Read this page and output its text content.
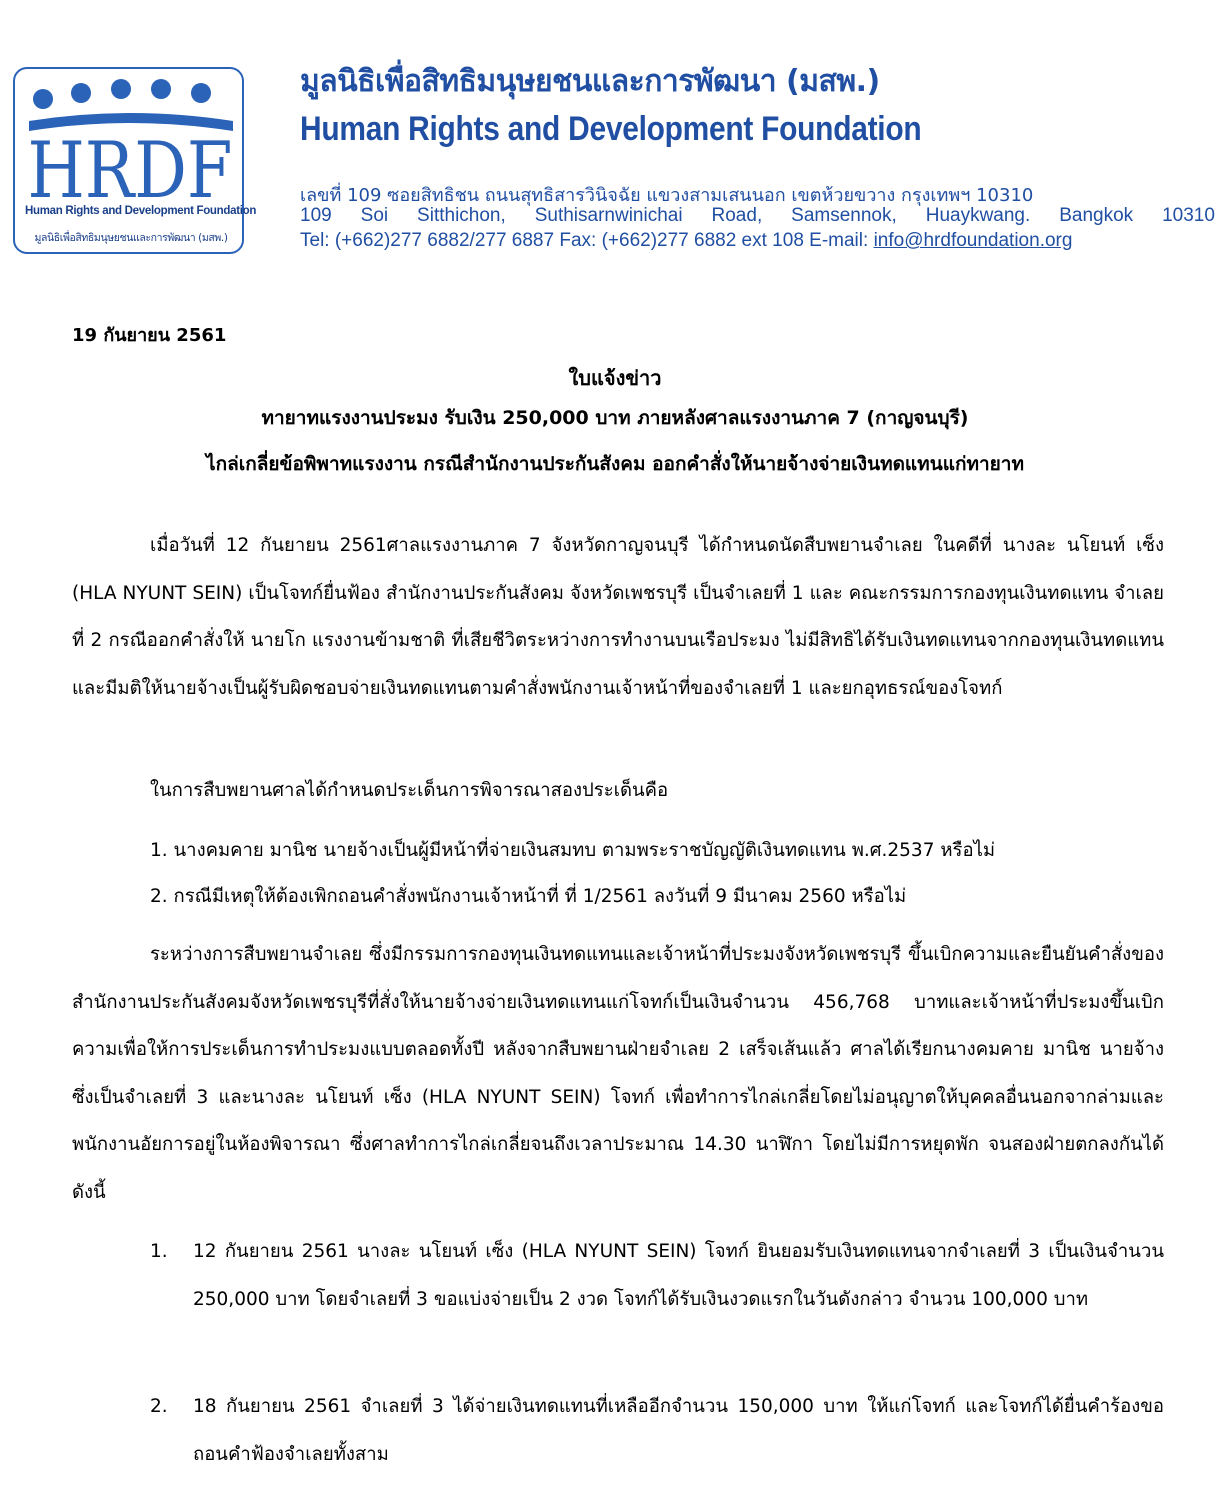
HRDF
Human Rights and Development Foundation
มูลนิธิเพื่อสิทธิมนุษยชนและการพัฒนา (มสพ.)
มูลนิธิเพื่อสิทธิมนุษยชนและการพัฒนา (มสพ.)
Human Rights and Development Foundation
เลขที่ 109 ซอยสิทธิชน ถนนสุทธิสารวินิจฉัย แขวงสามเสนนอก เขตห้วยขวาง กรุงเทพฯ 10310
109 Soi Sitthichon, Suthisarnwinichai Road, Samsennok, Huaykwang. Bangkok 10310
Tel: (+662)277 6882/277 6887 Fax: (+662)277 6882 ext 108 E-mail: info@hrdfoundation.org
19 กันยายน 2561
ใบแจ้งข่าว
ทายาทแรงงานประมง รับเงิน 250,000 บาท ภายหลังศาลแรงงานภาค 7 (กาญจนบุรี)
ไกล่เกลี่ยข้อพิพาทแรงงาน กรณีสำนักงานประกันสังคม ออกคำสั่งให้นายจ้างจ่ายเงินทดแทนแก่ทายาท
เมื่อวันที่ 12 กันยายน 2561ศาลแรงงานภาค 7 จังหวัดกาญจนบุรี ได้กำหนดนัดสืบพยานจำเลย ในคดีที่ นางละ นโยนท์ เซ็ง (HLA NYUNT SEIN) เป็นโจทก์ยื่นฟ้อง สำนักงานประกันสังคม จังหวัดเพชรบุรี เป็นจำเลยที่ 1 และ คณะกรรมการกองทุนเงินทดแทน จำเลยที่ 2 กรณีออกคำสั่งให้ นายโก แรงงานข้ามชาติ ที่เสียชีวิตระหว่างการทำงานบนเรือประมง ไม่มีสิทธิได้รับเงินทดแทนจากกองทุนเงินทดแทน และมีมติให้นายจ้างเป็นผู้รับผิดชอบจ่ายเงินทดแทนตามคำสั่งพนักงานเจ้าหน้าที่ของจำเลยที่ 1 และยกอุทธรณ์ของโจทก์
ในการสืบพยานศาลได้กำหนดประเด็นการพิจารณาสองประเด็นคือ
1. นางคมคาย มานิช นายจ้างเป็นผู้มีหน้าที่จ่ายเงินสมทบ ตามพระราชบัญญัติเงินทดแทน พ.ศ.2537 หรือไม่
2. กรณีมีเหตุให้ต้องเพิกถอนคำสั่งพนักงานเจ้าหน้าที่ ที่ 1/2561 ลงวันที่ 9 มีนาคม 2560 หรือไม่
ระหว่างการสืบพยานจำเลย ซึ่งมีกรรมการกองทุนเงินทดแทนและเจ้าหน้าที่ประมงจังหวัดเพชรบุรี ขึ้นเบิกความและยืนยันคำสั่งของสำนักงานประกันสังคมจังหวัดเพชรบุรีที่สั่งให้นายจ้างจ่ายเงินทดแทนแก่โจทก์เป็นเงินจำนวน 456,768 บาทและเจ้าหน้าที่ประมงขึ้นเบิกความเพื่อให้การประเด็นการทำประมงแบบตลอดทั้งปี หลังจากสืบพยานฝ่ายจำเลย 2 เสร็จเส้นแล้ว ศาลได้เรียกนางคมคาย มานิช นายจ้าง ซึ่งเป็นจำเลยที่ 3 และนางละ นโยนท์ เซ็ง (HLA NYUNT SEIN) โจทก์ เพื่อทำการไกล่เกลี่ยโดยไม่อนุญาตให้บุคคลอื่นนอกจากล่ามและพนักงานอัยการอยู่ในห้องพิจารณา ซึ่งศาลทำการไกล่เกลี่ยจนถึงเวลาประมาณ 14.30 นาฬิกา โดยไม่มีการหยุดพัก จนสองฝ่ายตกลงกันได้ ดังนี้
1. 12 กันยายน 2561 นางละ นโยนท์ เซ็ง (HLA NYUNT SEIN) โจทก์ ยินยอมรับเงินทดแทนจากจำเลยที่ 3 เป็นเงินจำนวน 250,000 บาท โดยจำเลยที่ 3 ขอแบ่งจ่ายเป็น 2 งวด โจทก์ได้รับเงินงวดแรกในวันดังกล่าว จำนวน 100,000 บาท
2. 18 กันยายน 2561 จำเลยที่ 3 ได้จ่ายเงินทดแทนที่เหลืออีกจำนวน 150,000 บาท ให้แก่โจทก์ และโจทก์ได้ยื่นคำร้องขอถอนคำฟ้องจำเลยทั้งสาม
